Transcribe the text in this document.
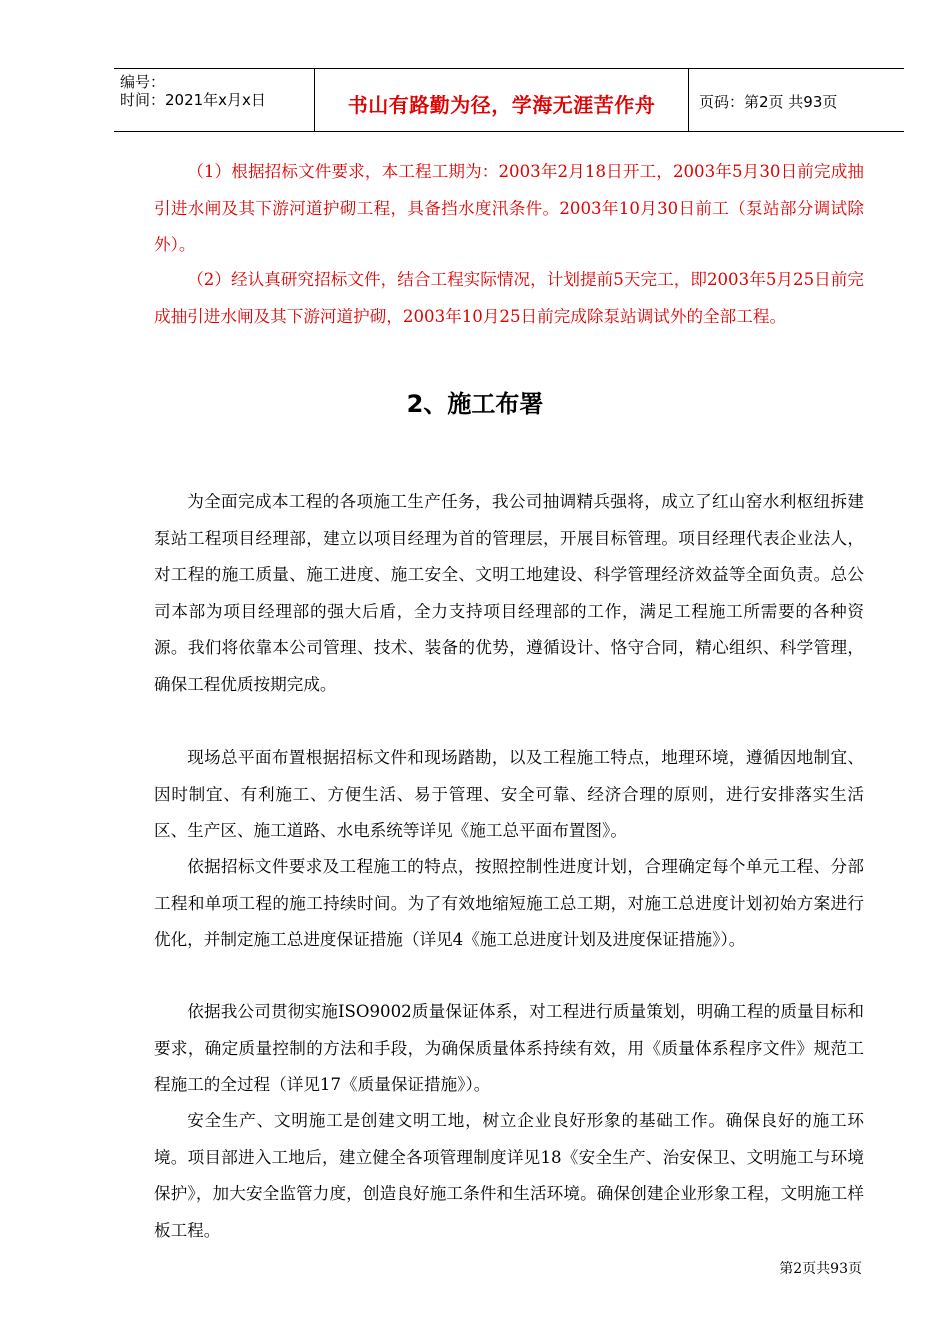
编号：
时间：2021年x月x日	书山有路勤为径，学海无涯苦作舟	页码：第2页 共93页
（1）根据招标文件要求，本工程工期为：2003年2月18日开工，2003年5月30日前完成抽引进水闸及其下游河道护砌工程，具备挡水度汛条件。2003年10月30日前工（泵站部分调试除外）。
（2）经认真研究招标文件，结合工程实际情况，计划提前5天完工，即2003年5月25日前完成抽引进水闸及其下游河道护砌，2003年10月25日前完成除泵站调试外的全部工程。
2、施工布署
为全面完成本工程的各项施工生产任务，我公司抽调精兵强将，成立了红山窑水利枢纽拆建泵站工程项目经理部，建立以项目经理为首的管理层，开展目标管理。项目经理代表企业法人，对工程的施工质量、施工进度、施工安全、文明工地建设、科学管理经济效益等全面负责。总公司本部为项目经理部的强大后盾，全力支持项目经理部的工作，满足工程施工所需要的各种资源。我们将依靠本公司管理、技术、装备的优势，遵循设计、恪守合同，精心组织、科学管理，确保工程优质按期完成。
现场总平面布置根据招标文件和现场踏勘，以及工程施工特点，地理环境，遵循因地制宜、因时制宜、有利施工、方便生活、易于管理、安全可靠、经济合理的原则，进行安排落实生活区、生产区、施工道路、水电系统等详见《施工总平面布置图》。
依据招标文件要求及工程施工的特点，按照控制性进度计划，合理确定每个单元工程、分部工程和单项工程的施工持续时间。为了有效地缩短施工总工期，对施工总进度计划初始方案进行优化，并制定施工总进度保证措施（详见4《施工总进度计划及进度保证措施》）。
依据我公司贯彻实施ISO9002质量保证体系，对工程进行质量策划，明确工程的质量目标和要求，确定质量控制的方法和手段，为确保质量体系持续有效，用《质量体系程序文件》规范工程施工的全过程（详见17《质量保证措施》）。
安全生产、文明施工是创建文明工地，树立企业良好形象的基础工作。确保良好的施工环境。项目部进入工地后，建立健全各项管理制度详见18《安全生产、治安保卫、文明施工与环境保护》，加大安全监管力度，创造良好施工条件和生活环境。确保创建企业形象工程，文明施工样板工程。
第2页共93页
